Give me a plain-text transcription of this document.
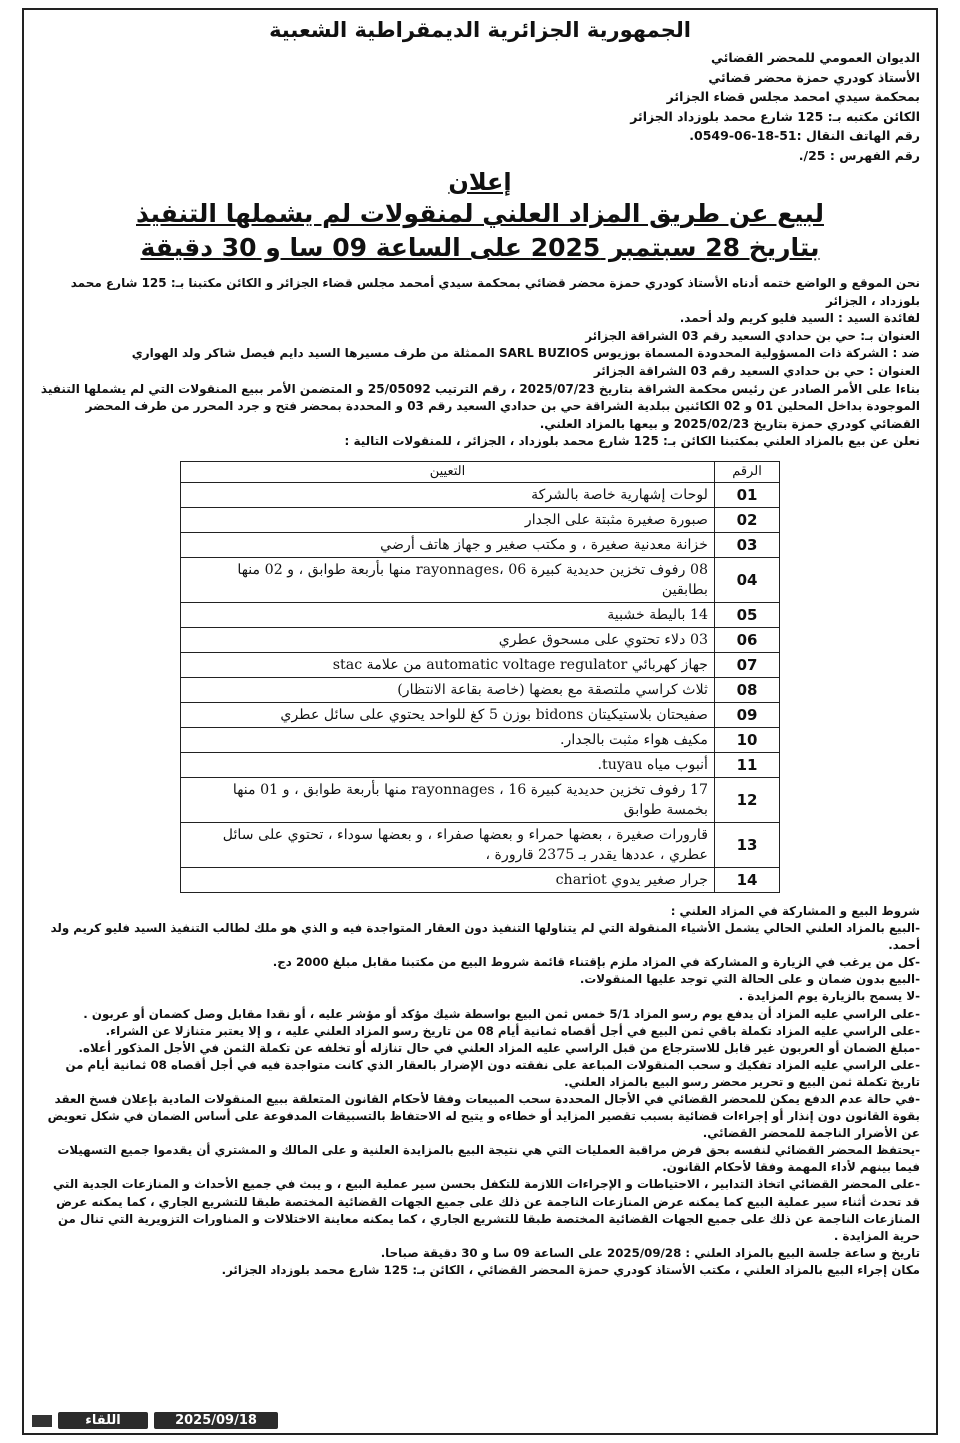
الجمهورية الجزائرية الديمقراطية الشعبية
الديوان العمومي للمحضر القضائي
الأستاذ كودري حمزة محضر قضائي
بمحكمة سيدي امحمد مجلس قضاء الجزائر
الكائن مكتبه بـ: 125 شارع محمد بلوزداد الجزائر
رقم الهاتف النقال :51-18-06-0549.
رقم الفهرس : 25/.
إعلان
لبيع عن طريق المزاد العلني لمنقولات لم يشملها التنفيذ
بتاريخ 28 سبتمبر 2025 على الساعة 09 سا و 30 دقيقة

نحن الموقع و الواضع ختمه أدناه الأستاذ كودري حمزة محضر قضائي بمحكمة سيدي أمحمد مجلس قضاء الجزائر و الكائن مكتبنا بـ: 125 شارع محمد بلوزداد ، الجزائر

لفائدة السيد : السيد فليو كريم ولد أحمد.

العنوان بـ: حي بن حدادي السعيد رقم 03 الشراقة الجزائر

ضد : الشركة ذات المسؤولية المحدودة المسماة بوزيوس SARL BUZIOS الممثلة من طرف مسيرها السيد دايم فيصل شاكر ولد الهواري

العنوان : حي بن حدادي السعيد رقم 03 الشراقة الجزائر

بناءا على الأمر الصادر عن رئيس محكمة الشراقة بتاريخ 2025/07/23 ، رقم الترتيب 25/05092 و المتضمن الأمر ببيع المنقولات التي لم يشملها التنفيذ الموجودة بداخل المحلين 01 و 02 الكائنين ببلدية الشراقة حي بن حدادي السعيد رقم 03 و المحددة بمحضر فتح و جرد المحرر من طرف المحضر القضائي كودري حمزة بتاريخ 2025/02/23 و بيعها بالمزاد العلني.

نعلن عن بيع بالمزاد العلني بمكتبنا الكائن بـ: 125 شارع محمد بلوزداد ، الجزائر ، للمنقولات التالية :

الرقم	التعيين
01	لوحات إشهارية خاصة بالشركة
02	صبورة صغيرة مثبتة على الجدار
03	خزانة معدنية صغيرة ، و مكتب صغير و جهاز هاتف أرضي
04	08 رفوف تخزين حديدية كبيرة rayonnages، 06 منها بأربعة طوابق ، و 02 منها بطابقين
05	14 باليطة خشبية
06	03 دلاء تحتوي على مسحوق عطري
07	جهاز كهربائي automatic voltage regulator من علامة stac
08	ثلاث كراسي ملتصقة مع بعضها (خاصة بقاعة الانتظار)
09	صفيحتان بلاستيكيتان bidons بوزن 5 كغ للواحد يحتوي على سائل عطري
10	مكيف هواء مثبت بالجدار.
11	أنبوب مياه tuyau.
12	17 رفوف تخزين حديدية كبيرة rayonnages ، 16 منها بأربعة طوابق ، و 01 منها بخمسة طوابق
13	قارورات صغيرة ، بعضها حمراء و بعضها صفراء ، و بعضها سوداء ، تحتوي على سائل عطري ، عددها يقدر بـ 2375 قارورة ،
14	جرار صغير يدوي chariot

شروط البيع و المشاركة في المزاد العلني :

-البيع بالمزاد العلني الحالي يشمل الأشياء المنقولة التي لم يتناولها التنفيذ دون العقار المتواجدة فيه و الذي هو ملك لطالب التنفيذ السيد فليو كريم ولد أحمد.

-كل من يرغب في الزيارة و المشاركة في المزاد ملزم بإقتناء قائمة شروط البيع من مكتبنا مقابل مبلغ 2000 دج.

-البيع بدون ضمان و على الحالة التي توجد عليها المنقولات.

-لا يسمح بالزيارة يوم المزايدة .

-على الراسي عليه المزاد أن يدفع يوم رسو المزاد 5/1 خمس ثمن البيع بواسطة شيك مؤكد أو مؤشر عليه ، أو نقدا مقابل وصل كضمان أو عربون .

-على الراسي عليه المزاد تكملة باقي ثمن البيع في أجل أقصاه ثمانية أيام 08 من تاريخ رسو المزاد العلني عليه ، و إلا يعتبر متنازلا عن الشراء.

-مبلغ الضمان أو العربون غير قابل للاسترجاع من قبل الراسي عليه المزاد العلني في حال تنازله أو تخلفه عن تكملة الثمن في الأجل المذكور أعلاه.

-على الراسي عليه المزاد تفكيك و سحب المنقولات المباعة على نفقته دون الإضرار بالعقار الذي كانت متواجدة فيه في أجل أقصاه 08 ثمانية أيام من تاريخ تكملة ثمن البيع و تحرير محضر رسو البيع بالمزاد العلني.

-في حالة عدم الدفع يمكن للمحضر القضائي في الأجال المحددة سحب المبيعات وفقا لأحكام القانون المتعلقة ببيع المنقولات المادية بإعلان فسخ العقد بقوة القانون دون إنذار أو إجراءات قضائية بسبب تقصير المزايد أو خطاءه و يتيح له الاحتفاظ بالتسبيقات المدفوعة على أساس الضمان في شكل تعويض عن الأضرار الناجمة للمحضر القضائي.

-يحتفظ المحضر القضائي لنفسه بحق فرض مراقبة العمليات التي هي نتيجة البيع بالمزايدة العلنية و على المالك و المشتري أن يقدموا جميع التسهيلات فيما بينهم لأداء المهمة وفقا لأحكام القانون.

-على المحضر القضائي اتخاذ التدابير ، الاحتياطات و الإجراءات اللازمة للتكفل بحسن سير عملية البيع ، و يبث في جميع الأحداث و المنازعات الجدية التي قد تحدث أثناء سير عملية البيع كما يمكنه عرض المنازعات الناجمة عن ذلك على جميع الجهات القضائية المختصة طبقا للتشريع الجاري ، كما يمكنه عرض المنازعات الناجمة عن ذلك على جميع الجهات القضائية المختصة طبقا للتشريع الجاري ، كما يمكنه معاينة الاختلالات و المناورات التزويرية التي تنال من حرية المزايدة .

تاريخ و ساعة جلسة البيع بالمزاد العلني : 2025/09/28 على الساعة 09 سا و 30 دقيقة صباحا.

مكان إجراء البيع بالمزاد العلني ، مكتب الأستاذ كودري حمزة المحضر القضائي ، الكائن بـ: 125 شارع محمد بلوزداد الجزائر.

اللقاء	2025/09/18
